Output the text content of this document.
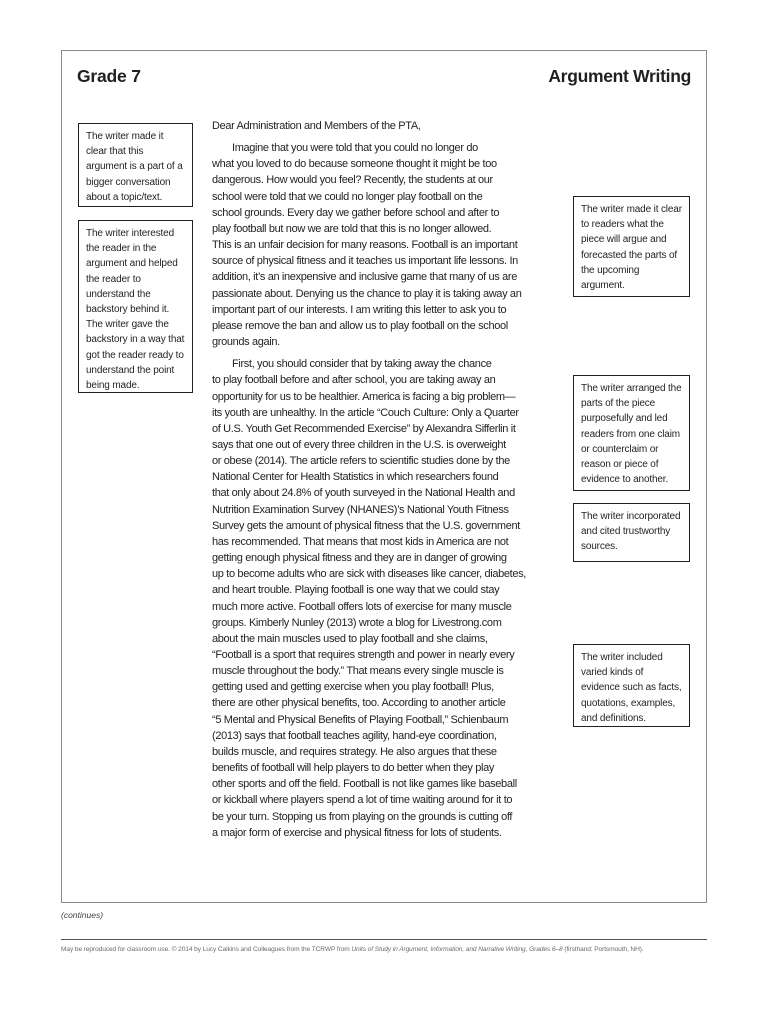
Grade 7	Argument Writing

The writer made it clear that this argument is a part of a bigger conversation about a topic/text.

The writer interested the reader in the argument and helped the reader to understand the backstory behind it. The writer gave the backstory in a way that got the reader ready to understand the point being made.

The writer made it clear to readers what the piece will argue and forecasted the parts of the upcoming argument.

The writer arranged the parts of the piece purposefully and led readers from one claim or counterclaim or reason or piece of evidence to another.

The writer incorporated and cited trustworthy sources.

The writer included varied kinds of evidence such as facts, quotations, examples, and definitions.

Dear Administration and Members of the PTA,

Imagine that you were told that you could no longer do
what you loved to do because someone thought it might be too
dangerous. How would you feel? Recently, the students at our
school were told that we could no longer play football on the
school grounds. Every day we gather before school and after to
play football but now we are told that this is no longer allowed.
This is an unfair decision for many reasons. Football is an important
source of physical fitness and it teaches us important life lessons. In
addition, it’s an inexpensive and inclusive game that many of us are
passionate about. Denying us the chance to play it is taking away an
important part of our interests. I am writing this letter to ask you to
please remove the ban and allow us to play football on the school
grounds again.

First, you should consider that by taking away the chance
to play football before and after school, you are taking away an
opportunity for us to be healthier. America is facing a big problem—
its youth are unhealthy. In the article “Couch Culture: Only a Quarter
of U.S. Youth Get Recommended Exercise” by Alexandra Sifferlin it
says that one out of every three children in the U.S. is overweight
or obese (2014). The article refers to scientific studies done by the
National Center for Health Statistics in which researchers found
that only about 24.8% of youth surveyed in the National Health and
Nutrition Examination Survey (NHANES)’s National Youth Fitness
Survey gets the amount of physical fitness that the U.S. government
has recommended. That means that most kids in America are not
getting enough physical fitness and they are in danger of growing
up to become adults who are sick with diseases like cancer, diabetes,
and heart trouble. Playing football is one way that we could stay
much more active. Football offers lots of exercise for many muscle
groups. Kimberly Nunley (2013) wrote a blog for Livestrong.com
about the main muscles used to play football and she claims,
“Football is a sport that requires strength and power in nearly every
muscle throughout the body.” That means every single muscle is
getting used and getting exercise when you play football! Plus,
there are other physical benefits, too. According to another article
“5 Mental and Physical Benefits of Playing Football,” Schienbaum
(2013) says that football teaches agility, hand-eye coordination,
builds muscle, and requires strategy. He also argues that these
benefits of football will help players to do better when they play
other sports and off the field. Football is not like games like baseball
or kickball where players spend a lot of time waiting around for it to
be your turn. Stopping us from playing on the grounds is cutting off
a major form of exercise and physical fitness for lots of students.

(continues)
May be reproduced for classroom use. © 2014 by Lucy Calkins and Colleagues from the TCRWP from Units of Study in Argument, Information, and Narrative Writing, Grades 6–8 (firsthand: Portsmouth, NH).
